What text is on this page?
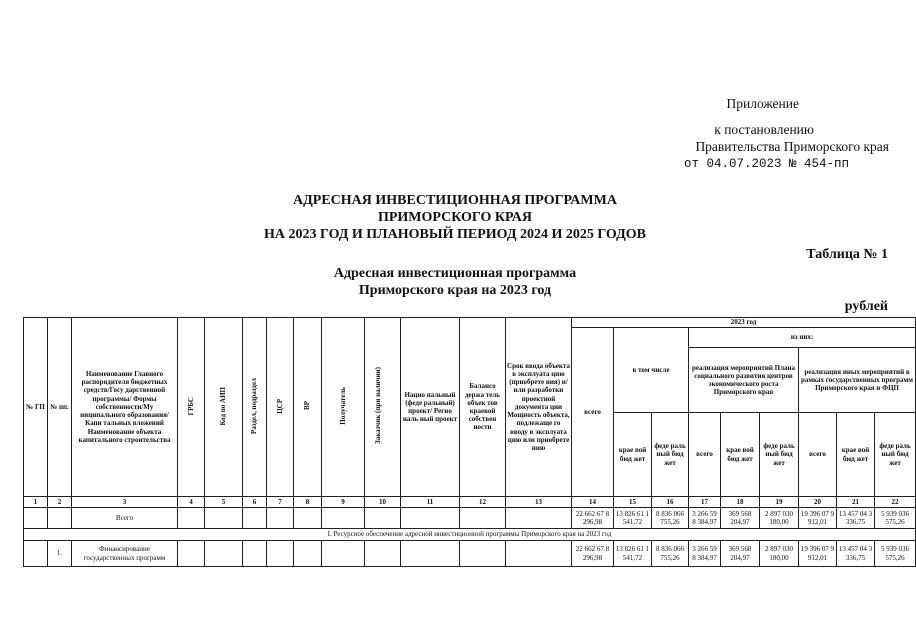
Приложение
к постановлению
Правительства Приморского края
от 04.07.2023 № 454-пп
АДРЕСНАЯ ИНВЕСТИЦИОННАЯ ПРОГРАММА
ПРИМОРСКОГО КРАЯ
НА 2023 ГОД И ПЛАНОВЫЙ ПЕРИОД 2024 И 2025 ГОДОВ
Таблица № 1
Адресная инвестиционная программа
Приморского края на 2023 год
рублей
№ ГП	№ пп.	Наименование Главного распорядителя бюджетных средств/Госу дарственной программы/ Формы собственности/Му ниципального образования/Капи тальных вложений Наименование объекта капитального строительства	ГРБС	Код по АИП	Раздел, подраздел	ЦСР	ВР	Получатель	Заказчик (при наличии)	Нацио нальный (феде ральный) проект/ Регио наль ный проект	Балансо держа тель объек тов краевой собствен ности	Срок ввода объекта в эксплуата цию (приобрете ния) и/или разработки проектной документа ции Мощность объекта, подлежаще го вводу в эксплуата цию или приобрете нию	2023 год								
													всего	в том числе		из них:					
																реализация мероприятий Плана социального развития центров экономического роста Приморского края			реализация иных мероприятий в рамках государственных программ Приморского края и ФЦП		
														крае вой бюд жет	феде раль ный бюд жет	всего	крае вой бюд жет	феде раль ный бюд жет	всего	крае вой бюд жет	феде раль ный бюд жет
1	2	3	4	5	6	7	8	9	10	11	12	13	14	15	16	17	18	19	20	21	22
		Всего											22 662 67 8 296,98	13 826 61 1 541,72	8 836 066 755,26	3 266 59 8 384,97	369 568 204,97	2 897 030 180,00	19 396 07 9 912,01	13 457 04 3 336,75	5 939 036 575,26
I. Ресурсное обеспечение адресной инвестиционной программы Приморского края на 2023 год																					
	1.	Финансирование государственных программ											22 662 67 8 296,98	13 826 61 1 541,72	8 836 066 755,26	3 266 59 8 384,97	369 568 204,97	2 897 030 180,00	19 396 07 9 912,01	13 457 04 3 336,75	5 939 036 575,26
